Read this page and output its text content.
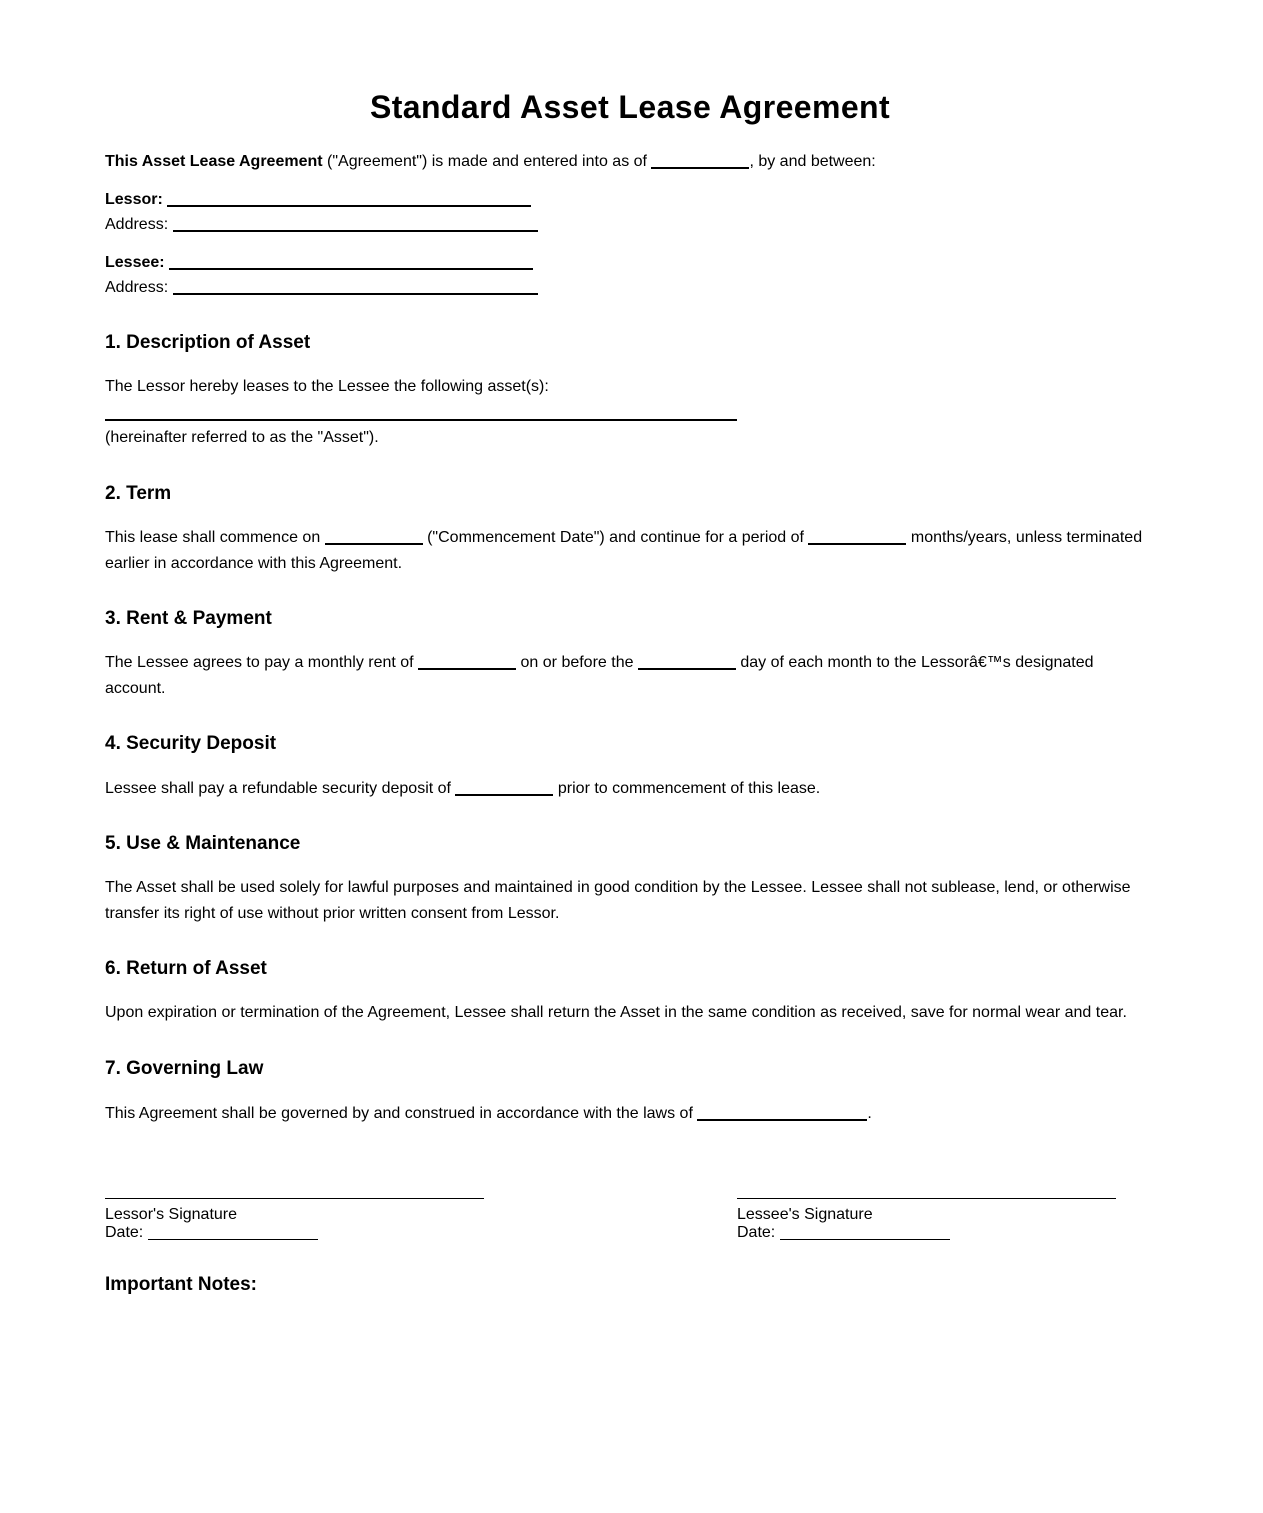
Standard Asset Lease Agreement

This Asset Lease Agreement ("Agreement") is made and entered into as of	, by and between:

Lessor:

Address:

Lessee:

Address:

1. Description of Asset

The Lessor hereby leases to the Lessee the following asset(s):

(hereinafter referred to as the "Asset").

2. Term

This lease shall commence on	("Commencement Date") and continue for a period of	months/years, unless terminated earlier in accordance with this Agreement.

3. Rent & Payment

The Lessee agrees to pay a monthly rent of	on or before the	day of each month to the Lessorâ€™s designated account.

4. Security Deposit

Lessee shall pay a refundable security deposit of	prior to commencement of this lease.

5. Use & Maintenance

The Asset shall be used solely for lawful purposes and maintained in good condition by the Lessee. Lessee shall not sublease, lend, or otherwise transfer its right of use without prior written consent from Lessor.

6. Return of Asset

Upon expiration or termination of the Agreement, Lessee shall return the Asset in the same condition as received, save for normal wear and tear.

7. Governing Law

This Agreement shall be governed by and construed in accordance with the laws of	.

Lessor's Signature
Date:
Lessee's Signature
Date:
Important Notes:
